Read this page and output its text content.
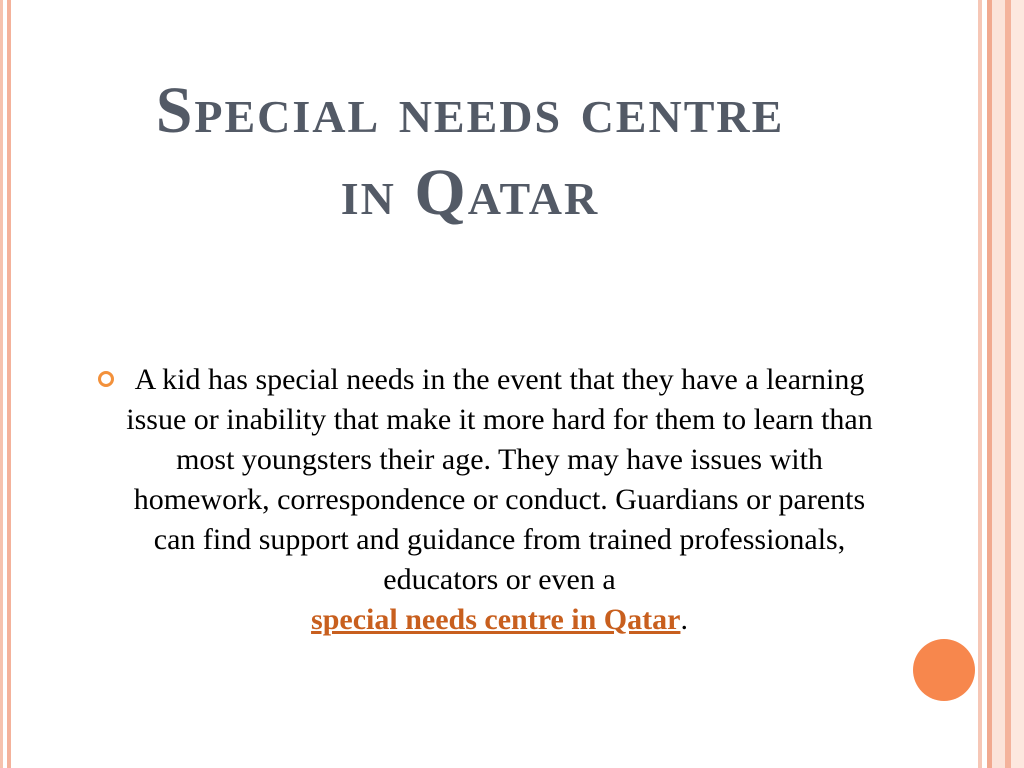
Special needs centre
in Qatar

A kid has special needs in the event that they have a learning issue or inability that make it more hard for them to learn than most youngsters their age. They may have issues with homework, correspondence or conduct. Guardians or parents can find support and guidance from trained professionals, educators or even a
special needs centre in Qatar.
